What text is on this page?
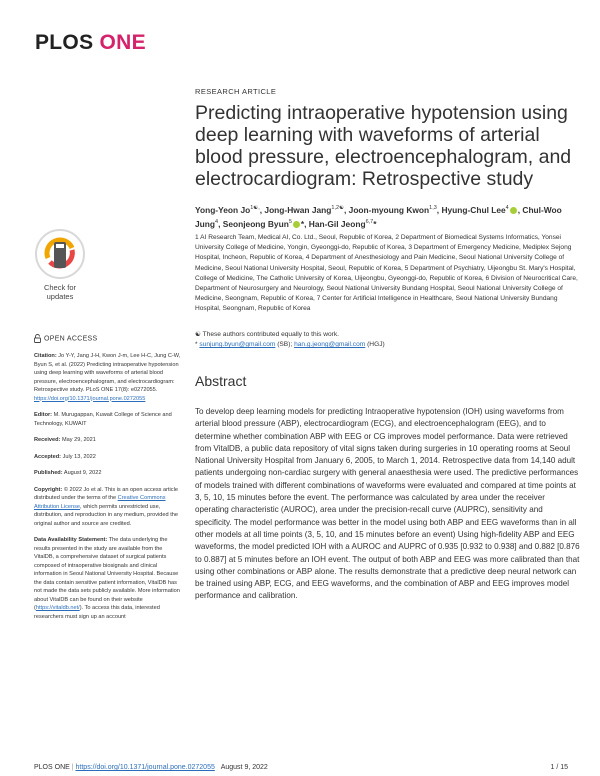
PLOS ONE
RESEARCH ARTICLE
Predicting intraoperative hypotension using deep learning with waveforms of arterial blood pressure, electroencephalogram, and electrocardiogram: Retrospective study
Yong-Yeon $Jo^{1☯,}$, Jong-Hwan Jang$^{1,2☯}$, Joon-myoung Kwon$^{1,3}$, Hyung-Chul Lee$^4$ , Chul-Woo Jung$^4$, Seonjeong Byun$^5$ *, Han-Gil Jeong$^{6,7}$*
1 AI Research Team, Medical AI, Co. Ltd., Seoul, Republic of Korea, 2 Department of Biomedical Systems Informatics, Yonsei University College of Medicine, Yongin, Gyeonggi-do, Republic of Korea, 3 Department of Emergency Medicine, Mediplex Sejong Hospital, Incheon, Republic of Korea, 4 Department of Anesthesiology and Pain Medicine, Seoul National University College of Medicine, Seoul National University Hospital, Seoul, Republic of Korea, 5 Department of Psychiatry, Uijeongbu St. Mary's Hospital, College of Medicine, The Catholic University of Korea, Uijeongbu, Gyeonggi-do, Republic of Korea, 6 Division of Neurocritical Care, Department of Neurosurgery and Neurology, Seoul National University Bundang Hospital, Seoul National University College of Medicine, Seongnam, Republic of Korea, 7 Center for Artificial Intelligence in Healthcare, Seoul National University Bundang Hospital, Seongnam, Republic of Korea
☯ These authors contributed equally to this work.
* sunjung.byun@gmail.com (SB); han.g.jeong@gmail.com (HGJ)
Abstract
To develop deep learning models for predicting Intraoperative hypotension (IOH) using waveforms from arterial blood pressure (ABP), electrocardiogram (ECG), and electroencephalogram (EEG), and to determine whether combination ABP with EEG or CG improves model performance. Data were retrieved from VitalDB, a public data repository of vital signs taken during surgeries in 10 operating rooms at Seoul National University Hospital from January 6, 2005, to March 1, 2014. Retrospective data from 14,140 adult patients undergoing non-cardiac surgery with general anaesthesia were used. The predictive performances of models trained with different combinations of waveforms were evaluated and compared at time points at 3, 5, 10, 15 minutes before the event. The performance was calculated by area under the receiver operating characteristic (AUROC), area under the precision-recall curve (AUPRC), sensitivity and specificity. The model performance was better in the model using both ABP and EEG waveforms than in all other models at all time points (3, 5, 10, and 15 minutes before an event) Using high-fidelity ABP and EEG waveforms, the model predicted IOH with a AUROC and AUPRC of 0.935 [0.932 to 0.938] and 0.882 [0.876 to 0.887] at 5 minutes before an IOH event. The output of both ABP and EEG was more calibrated than that using other combinations or ABP alone. The results demonstrate that a predictive deep neural network can be trained using ABP, ECG, and EEG waveforms, and the combination of ABP and EEG improves model performance and calibration.
Check for
updates
OPEN ACCESS

Citation: Jo Y-Y, Jang J-H, Kwon J-m, Lee H-C, Jung C-W, Byun S, et al. (2022) Predicting intraoperative hypotension using deep learning with waveforms of arterial blood pressure, electroencephalogram, and electrocardiogram: Retrospective study. PLoS ONE 17(8): e0272055. https://doi.org/10.1371/journal.pone.0272055

Editor: M. Murugappan, Kuwait College of Science and Technology, KUWAIT

Received: May 29, 2021

Accepted: July 13, 2022

Published: August 9, 2022

Copyright: © 2022 Jo et al. This is an open access article distributed under the terms of the Creative Commons Attribution License, which permits unrestricted use, distribution, and reproduction in any medium, provided the original author and source are credited.

Data Availability Statement: The data underlying the results presented in the study are available from the VitalDB, a comprehensive dataset of surgical patients composed of intraoperative biosignals and clinical information in Seoul National University Hospital. Because the data contain sensitive patient information, VitalDB has not made the data sets publicly available. More information about VitalDB can be found on their website (https://vitaldb.net/). To access this data, interested researchers must sign up an account

PLOS ONE | https://doi.org/10.1371/journal.pone.0272055 August 9, 2022	1 / 15
